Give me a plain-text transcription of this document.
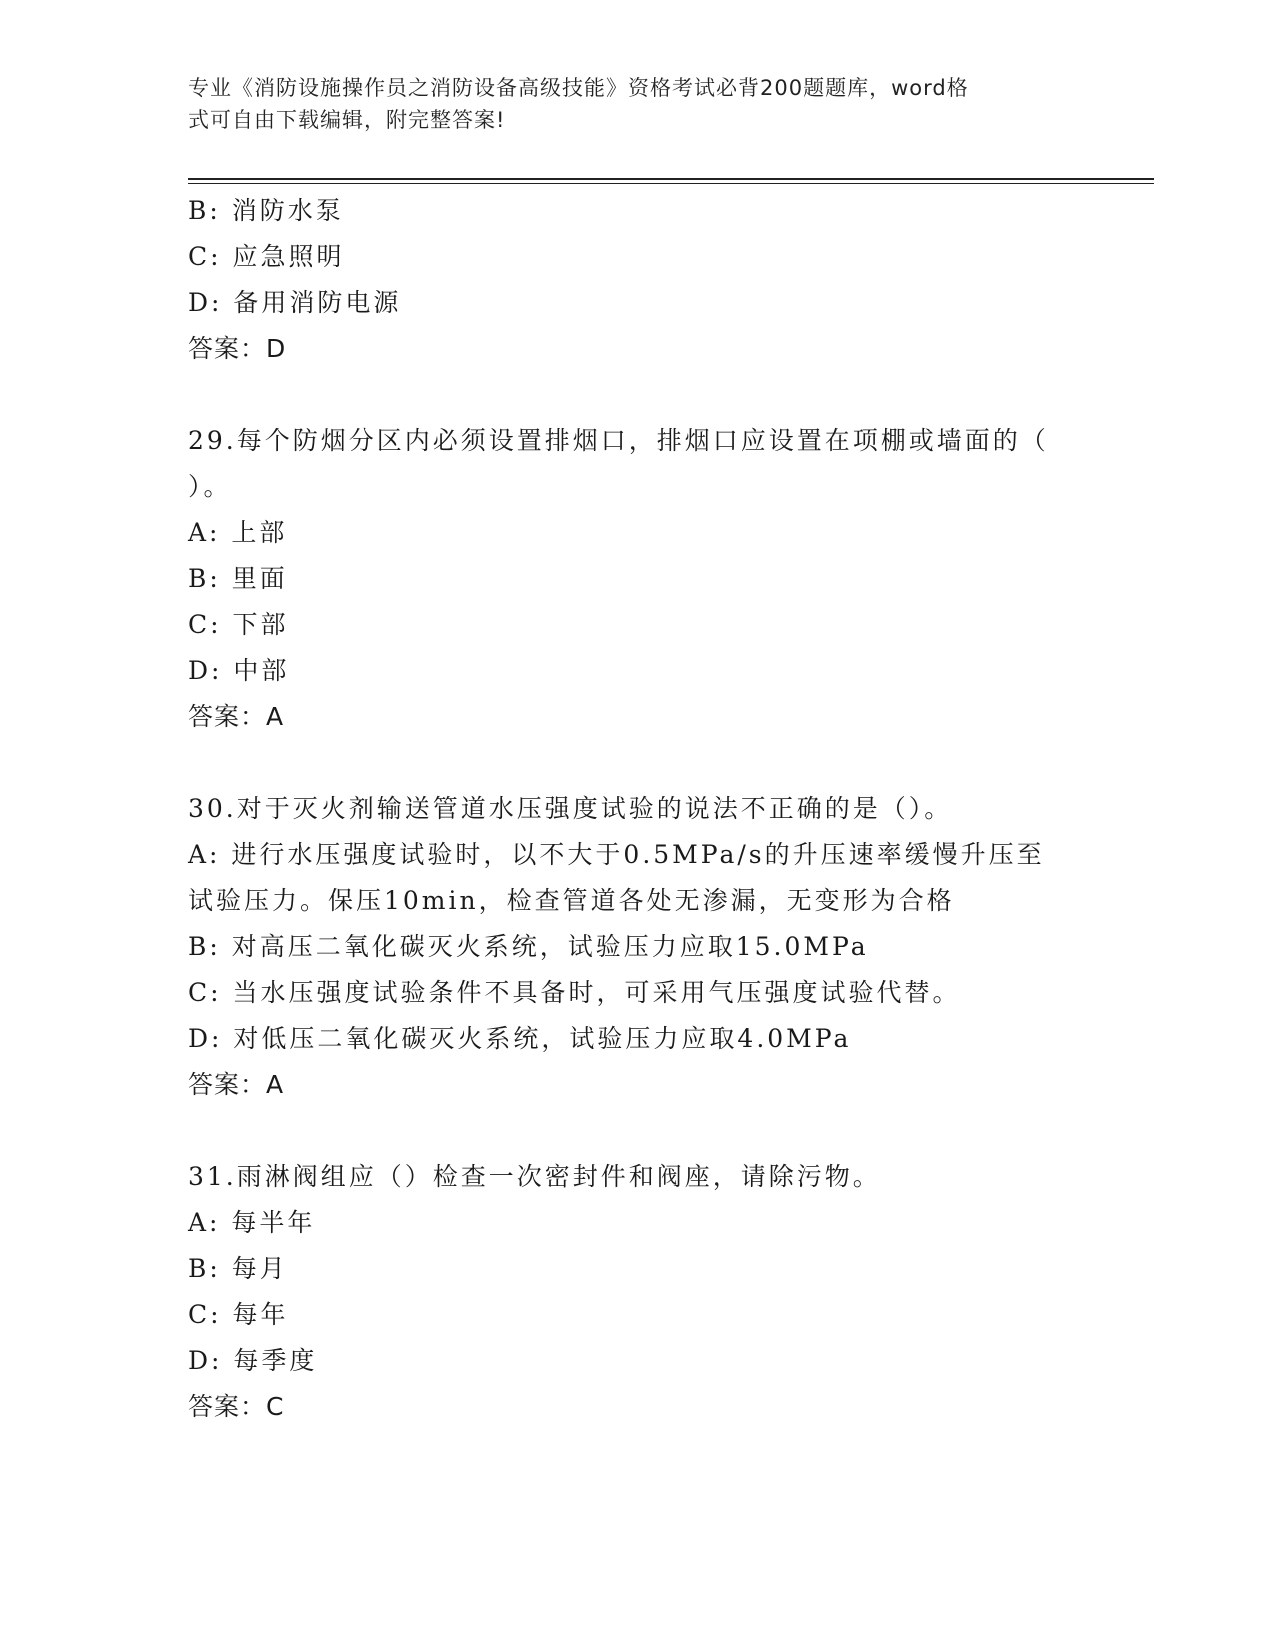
专业《消防设施操作员之消防设备高级技能》资格考试必背200题题库，word格
式可自由下载编辑，附完整答案!
B: 消防水泵
C: 应急照明
D: 备用消防电源
答案：D
29.每个防烟分区内必须设置排烟口，排烟口应设置在项棚或墙面的（
）。
A: 上部
B: 里面
C: 下部
D: 中部
答案：A
30.对于灭火剂输送管道水压强度试验的说法不正确的是（）。
A: 进行水压强度试验时，以不大于0.5MPa/s的升压速率缓慢升压至
试验压力。保压10min，检查管道各处无渗漏，无变形为合格
B: 对高压二氧化碳灭火系统，试验压力应取15.0MPa
C: 当水压强度试验条件不具备时，可采用气压强度试验代替。
D: 对低压二氧化碳灭火系统，试验压力应取4.0MPa
答案：A
31.雨淋阀组应（）检查一次密封件和阀座，请除污物。
A: 每半年
B: 每月
C: 每年
D: 每季度
答案：C
